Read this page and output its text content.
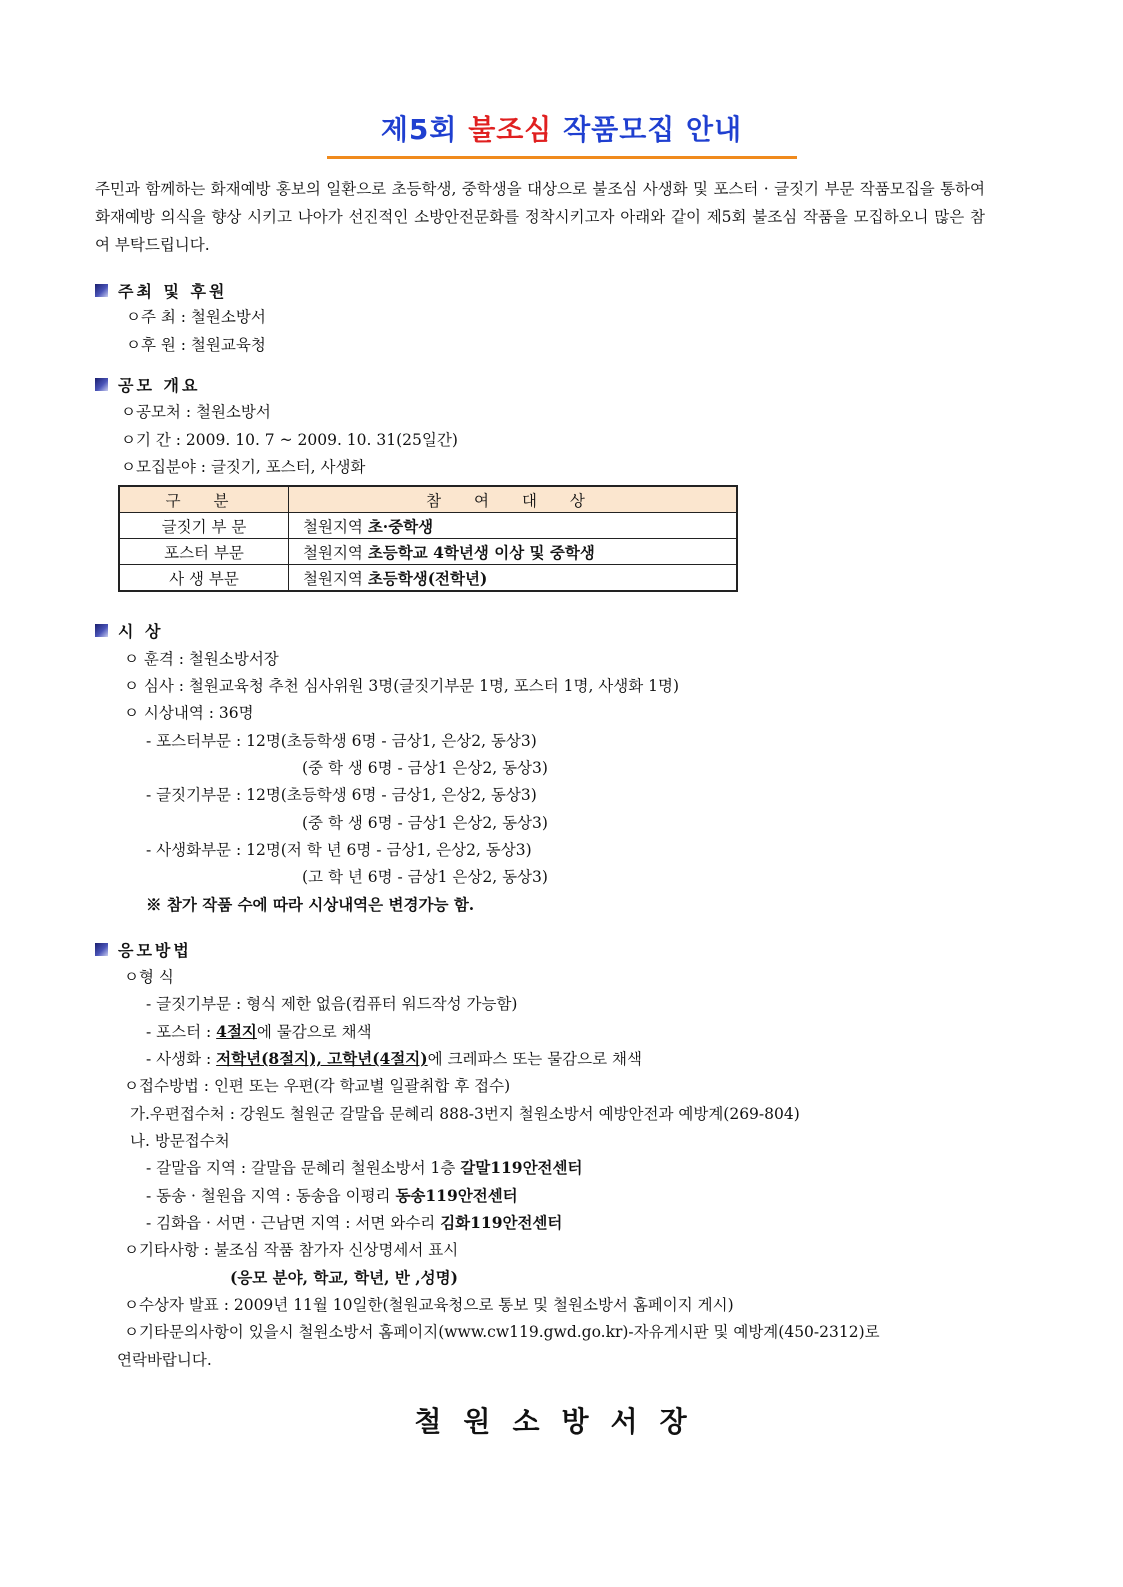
제5회 불조심 작품모집 안내
주민과 함께하는 화재예방 홍보의 일환으로 초등학생, 중학생을 대상으로 불조심 사생화 및 포스터 · 글짓기 부문 작품모집을 통하여 화재예방 의식을 향상 시키고 나아가 선진적인 소방안전문화를 정착시키고자 아래와 같이 제5회 불조심 작품을 모집하오니 많은 참여 부탁드립니다.
주최 및 후원
ㅇ주 최 : 철원소방서
ㅇ후 원 : 철원교육청
공모 개요
ㅇ공모처 : 철원소방서
ㅇ기 간 : 2009. 10. 7 ~ 2009. 10. 31(25일간)
ㅇ모집분야 : 글짓기, 포스터, 사생화
구 분	참 여 대 상
글짓기 부 문	철원지역 초·중학생
포스터 부문	철원지역 초등학교 4학년생 이상 및 중학생
사 생 부문	철원지역 초등학생(전학년)
시 상
ㅇ 훈격 : 철원소방서장
ㅇ 심사 : 철원교육청 추천 심사위원 3명(글짓기부문 1명, 포스터 1명, 사생화 1명)
ㅇ 시상내역 : 36명
- 포스터부문 : 12명(초등학생 6명 - 금상1, 은상2, 동상3)
(중 학 생 6명 - 금상1 은상2, 동상3)
- 글짓기부문 : 12명(초등학생 6명 - 금상1, 은상2, 동상3)
(중 학 생 6명 - 금상1 은상2, 동상3)
- 사생화부문 : 12명(저 학 년 6명 - 금상1, 은상2, 동상3)
(고 학 년 6명 - 금상1 은상2, 동상3)
※ 참가 작품 수에 따라 시상내역은 변경가능 함.
응모방법
ㅇ형 식
- 글짓기부문 : 형식 제한 없음(컴퓨터 워드작성 가능함)
- 포스터 : 4절지에 물감으로 채색
- 사생화 : 저학년(8절지), 고학년(4절지)에 크레파스 또는 물감으로 채색
ㅇ접수방법 : 인편 또는 우편(각 학교별 일괄취합 후 접수)
가.우편접수처 : 강원도 철원군 갈말읍 문혜리 888-3번지 철원소방서 예방안전과 예방계(269-804)
나. 방문접수처
- 갈말읍 지역 : 갈말읍 문혜리 철원소방서 1층 갈말119안전센터
- 동송 · 철원읍 지역 : 동송읍 이평리 동송119안전센터
- 김화읍 · 서면 · 근남면 지역 : 서면 와수리 김화119안전센터
ㅇ기타사항 : 불조심 작품 참가자 신상명세서 표시
(응모 분야, 학교, 학년, 반 ,성명)
ㅇ수상자 발표 : 2009년 11월 10일한(철원교육청으로 통보 및 철원소방서 홈페이지 게시)
ㅇ기타문의사항이 있을시 철원소방서 홈페이지(www.cw119.gwd.go.kr)-자유게시판 및 예방계(450-2312)로
연락바랍니다.
철원소방서장
